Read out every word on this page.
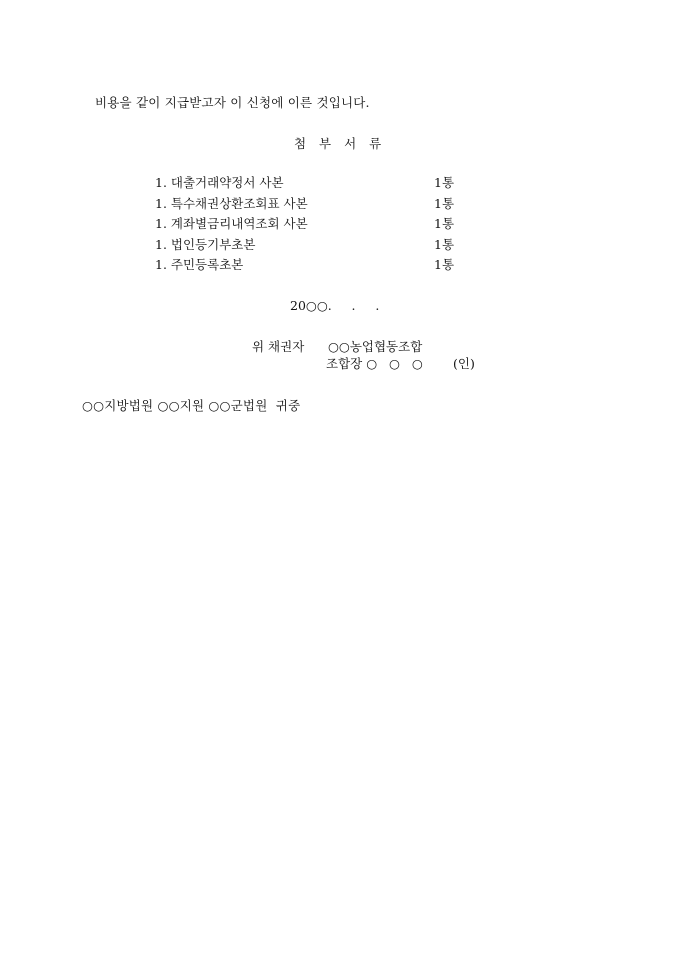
비용을 같이 지급받고자 이 신청에 이른 것입니다.
첨 부 서 류
1. 대출거래약정서 사본	1통
1. 특수채권상환조회표 사본	1통
1. 계좌별금리내역조회 사본	1통
1. 법인등기부초본	1통
1. 주민등록초본	1통
20○○.     .     .
위 채권자 ○○농업협동조합
조합장 ○   ○   ○ (인)
○○지방법원 ○○지원 ○○군법원  귀중
